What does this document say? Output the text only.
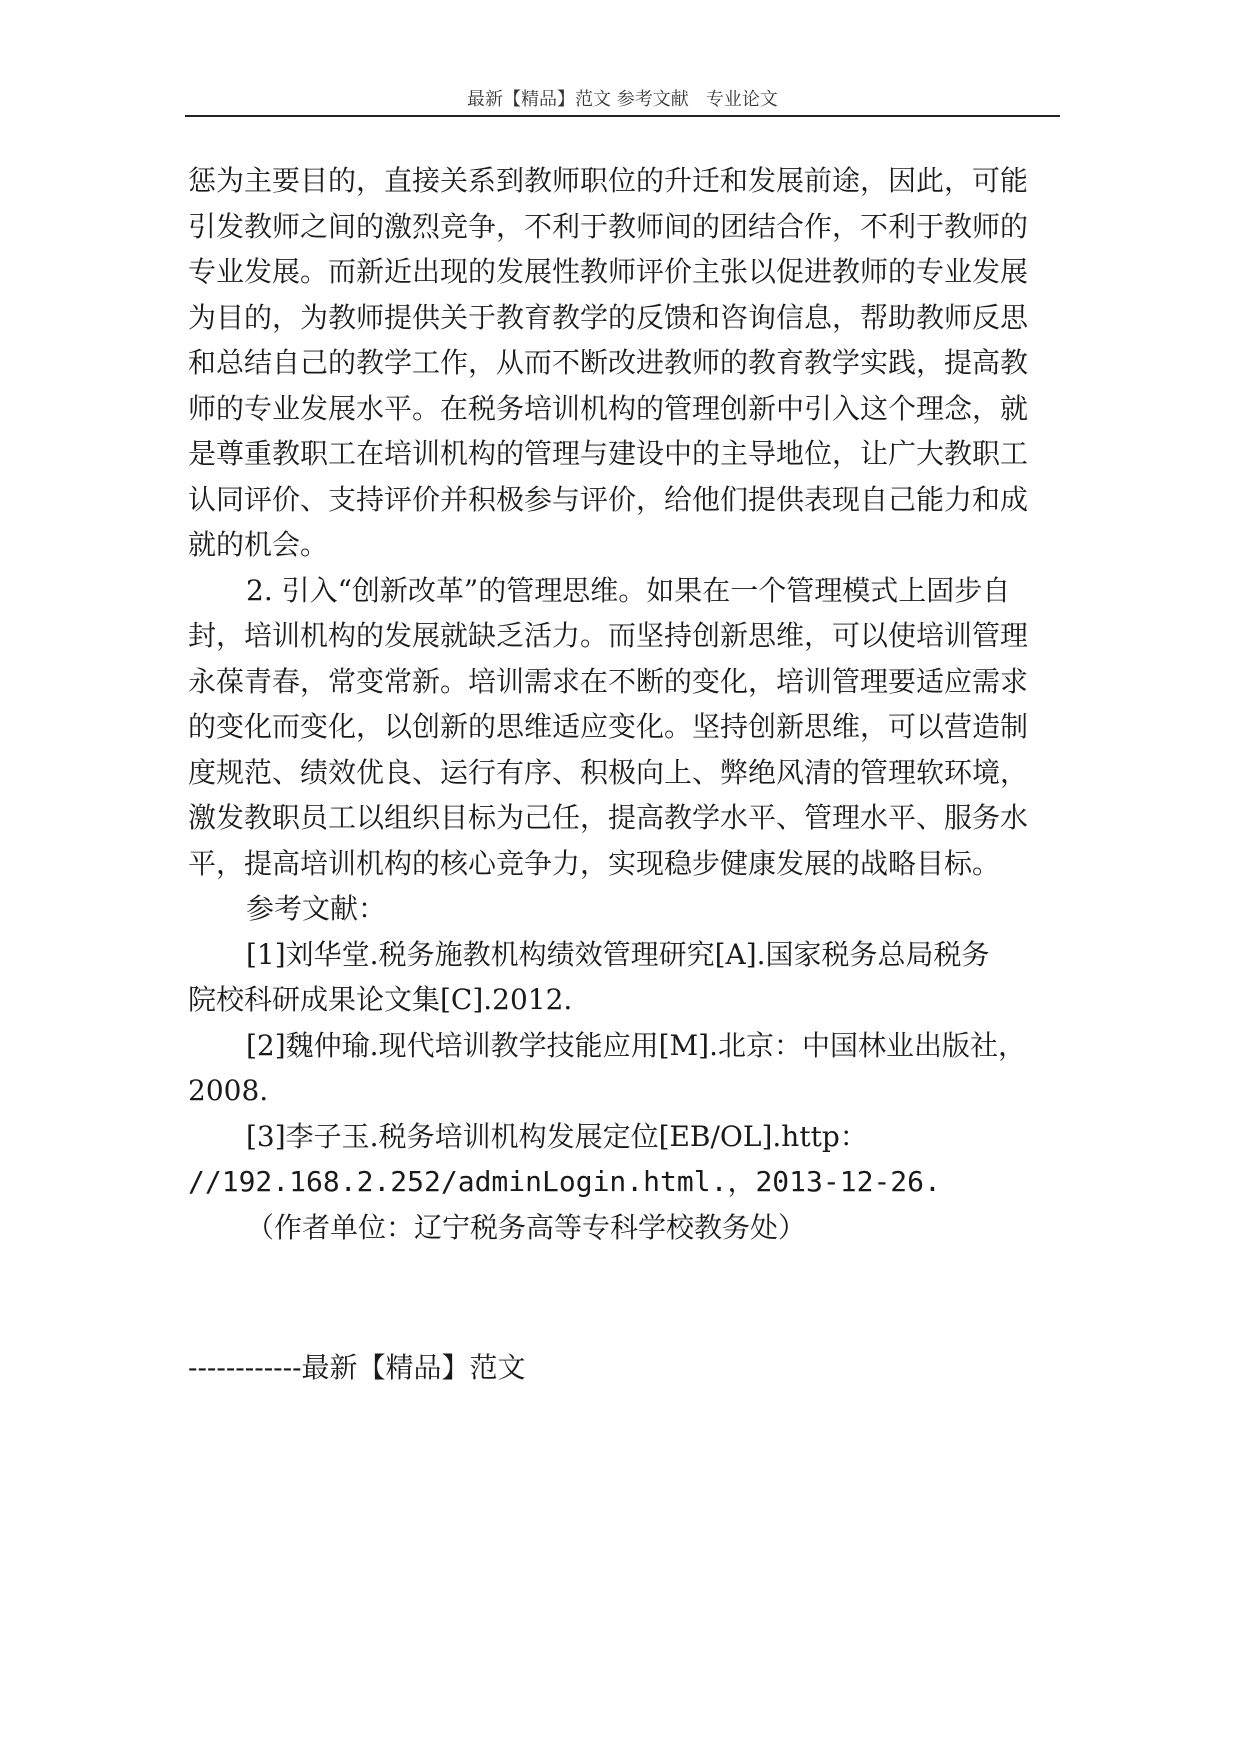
最新【精品】范文 参考文献   专业论文
惩为主要目的，直接关系到教师职位的升迁和发展前途，因此，可能
引发教师之间的激烈竞争，不利于教师间的团结合作，不利于教师的
专业发展。而新近出现的发展性教师评价主张以促进教师的专业发展
为目的，为教师提供关于教育教学的反馈和咨询信息，帮助教师反思
和总结自己的教学工作，从而不断改进教师的教育教学实践，提高教
师的专业发展水平。在税务培训机构的管理创新中引入这个理念，就
是尊重教职工在培训机构的管理与建设中的主导地位，让广大教职工
认同评价、支持评价并积极参与评价，给他们提供表现自己能力和成
就的机会。
2. 引入“创新改革”的管理思维。如果在一个管理模式上固步自
封，培训机构的发展就缺乏活力。而坚持创新思维，可以使培训管理
永葆青春，常变常新。培训需求在不断的变化，培训管理要适应需求
的变化而变化，以创新的思维适应变化。坚持创新思维，可以营造制
度规范、绩效优良、运行有序、积极向上、弊绝风清的管理软环境，
激发教职员工以组织目标为己任，提高教学水平、管理水平、服务水
平，提高培训机构的核心竞争力，实现稳步健康发展的战略目标。
参考文献：
[1]刘华堂.税务施教机构绩效管理研究[A].国家税务总局税务
院校科研成果论文集[C].2012.
[2]魏仲瑜.现代培训教学技能应用[M].北京：中国林业出版社，
2008.
[3]李子玉.税务培训机构发展定位[EB/OL].http：
//192.168.2.252/adminLogin.html.，2013-12-26.
（作者单位：辽宁税务高等专科学校教务处）
------------最新【精品】范文
